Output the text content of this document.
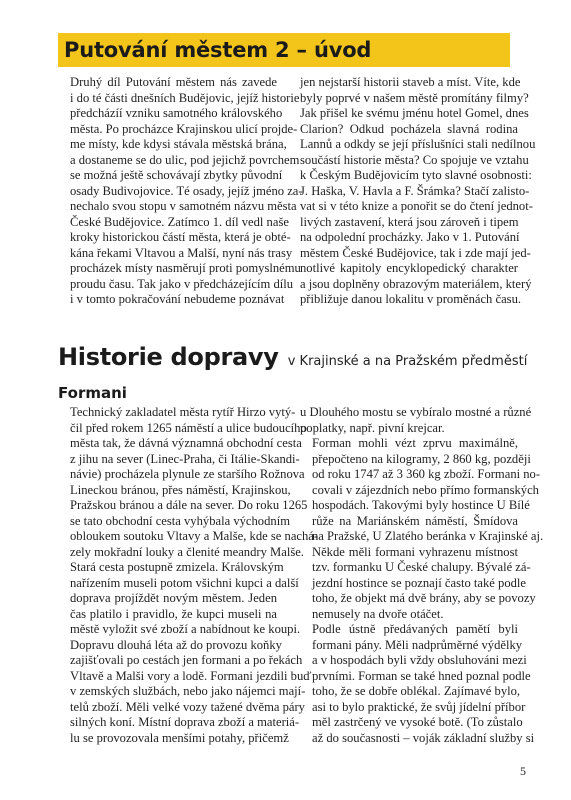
Putování městem 2 – úvod

Druhý díl Putování městem nás zavede
i do té části dnešních Budějovic, jejíž historie
předcházíí vzniku samotného královského
města. Po procházce Krajinskou ulicí projde-
me místy, kde kdysi stávala městská brána,
a dostaneme se do ulic, pod jejichž povrchem
se možná ještě schovávají zbytky původní
osady Budivojovice. Té osady, jejíž jméno za-
nechalo svou stopu v samotném názvu města
České Budějovice. Zatímco 1. díl vedl naše
kroky historickou částí města, která je obté-
kána řekami Vltavou a Malší, nyní nás trasy
procházek místy nasměrují proti pomyslnému
proudu času. Tak jako v předcházejícím dílu
i v tomto pokračování nebudeme poznávat

jen nejstarší historii staveb a míst. Víte, kde
byly poprvé v našem městě promítány filmy?
Jak přišel ke svému jménu hotel Gomel, dnes
Clarion? Odkud pocházela slavná rodina
Lannů a odkdy se její příslušníci stali nedílnou
součástí historie města? Co spojuje ve vztahu
k Českým Budějovicím tyto slavné osobnosti:
J. Haška, V. Havla a F. Šrámka? Stačí zalisto-
vat si v této knize a ponořit se do čtení jednot-
livých zastavení, která jsou zároveň i tipem
na odpolední procházky. Jako v 1. Putování
městem České Budějovice, tak i zde mají jed-
notlivé kapitoly encyklopedický charakter
a jsou doplněny obrazovým materiálem, který
přibližuje danou lokalitu v proměnách času.

Historie dopravy v Krajinské a na Pražském předměstí
Formani

Technický zakladatel města rytíř Hirzo vytý-
čil před rokem 1265 náměstí a ulice budoucího
města tak, že dávná významná obchodní cesta
z jihu na sever (Linec-Praha, či Itálie-Skandi-
návie) procházela plynule ze staršího Rožnova
Lineckou bránou, přes náměstí, Krajinskou,
Pražskou bránou a dále na sever. Do roku 1265
se tato obchodní cesta vyhýbala východním
obloukem soutoku Vltavy a Malše, kde se nachá-
zely mokřadní louky a členité meandry Malše.

Stará cesta postupně zmizela. Královským
nařízením museli potom všichni kupci a další
doprava projíždět novým městem. Jeden
čas platilo i pravidlo, že kupci museli na
městě vyložit své zboží a nabídnout ke koupi.
Dopravu dlouhá léta až do provozu koňky
zajišťovali po cestách jen formani a po řekách
Vltavě a Malši vory a lodě. Formani jezdili buď
v zemských službách, nebo jako nájemci mají-
telů zboží. Měli velké vozy tažené dvěma páry
silných koní. Místní doprava zboží a materiá-
lu se provozovala menšími potahy, přičemž

u Dlouhého mostu se vybíralo mostné a různé
poplatky, např. pivní krejcar.

Forman mohli vézt zprvu maximálně,
přepočteno na kilogramy, 2 860 kg, později
od roku 1747 až 3 360 kg zboží. Formani no-
covali v zájezdních nebo přímo formanských
hospodách. Takovými byly hostince U Bílé
růže na Mariánském náměstí, Šmídova
na Pražské, U Zlatého beránka v Krajinské aj.
Někde měli formani vyhrazenu místnost
tzv. formanku U České chalupy. Bývalé zá-
jezdní hostince se poznají často také podle
toho, že objekt má dvě brány, aby se povozy
nemusely na dvoře otáčet.

Podle ústně předávaných pamětí byli
formani pány. Měli nadprůměrné výdělky
a v hospodách byli vždy obsluhováni mezi
prvními. Forman se také hned poznal podle
toho, že se dobře oblékal. Zajímavé bylo,
asi to bylo praktické, že svůj jídelní příbor
měl zastrčený ve vysoké botě. (To zůstalo
až do současnosti – voják základní služby si

5
